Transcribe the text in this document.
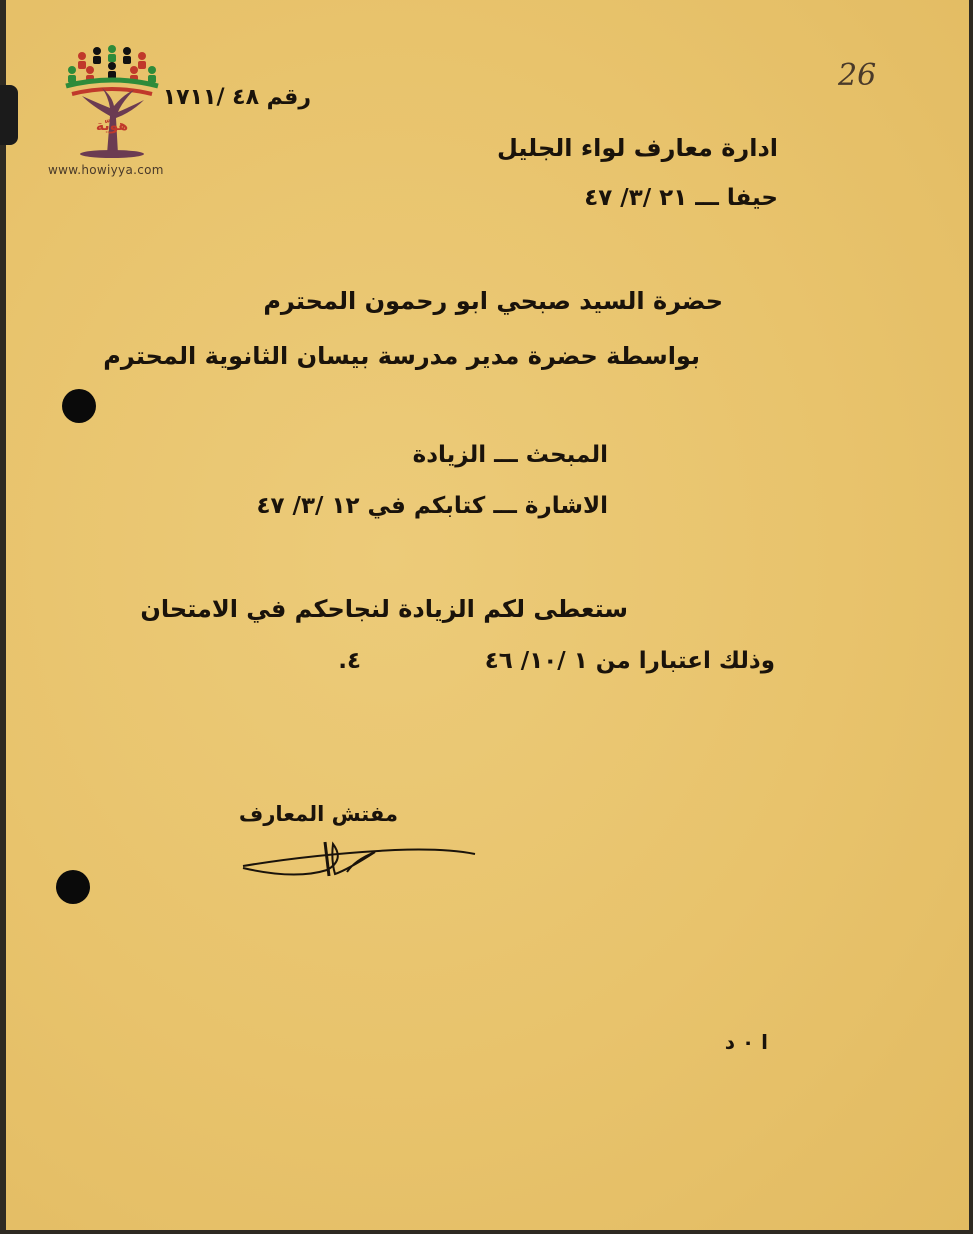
هويّة
www.howiyya.com
26
رقم ٤٨ /١٧١١
ادارة معارف لواء الجليل
حيفا ـــ ٢١ /٣/ ٤٧
حضرة السيد صبحي ابو رحمون المحترم
بواسطة حضرة مدير مدرسة بيسان الثانوية المحترم
المبحث ـــ الزيادة
الاشارة ـــ كتابكم في ١٢ /٣/ ٤٧
ستعطى لكم الزيادة لنجاحكم في الامتحان
وذلك اعتبارا من ١ /١٠/ ٤٦
٤.
مفتش المعارف
ا ٠ د
